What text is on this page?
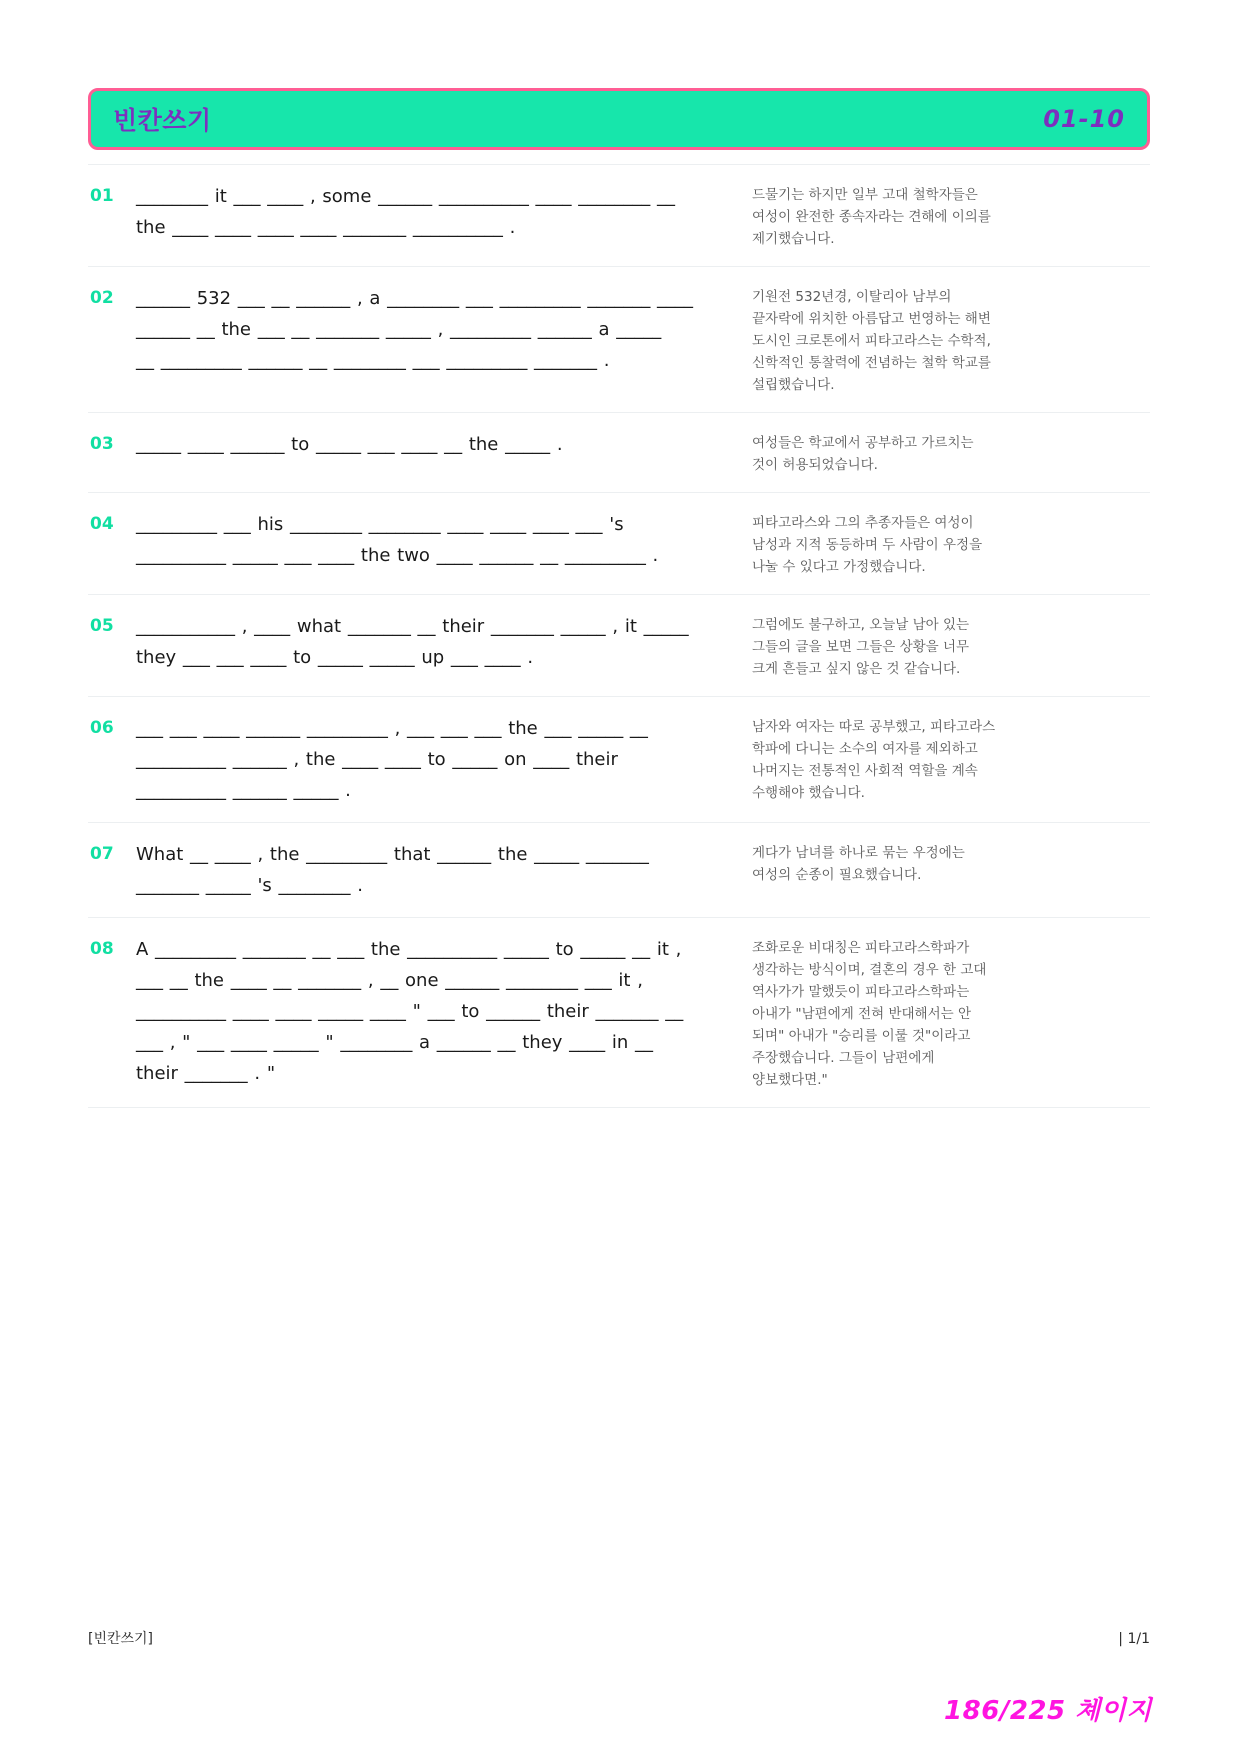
빈칸쓰기	01-10
01	________ it ___ ____ , some ______ __________ ____ ________ __
the ____ ____ ____ ____ _______ __________ .
드물기는 하지만 일부 고대 철학자들은 여성이 완전한 종속자라는 견해에 이의를 제기했습니다.
02	______ 532 ___ __ ______ , a ________ ___ _________ _______ ____
______ __ the ___ __ _______ _____ , _________ ______ a _____
__ _________ ______ __ ________ ___ _________ _______ .
기원전 532년경, 이탈리아 남부의 끝자락에 위치한 아름답고 번영하는 해변 도시인 크로톤에서 피타고라스는 수학적, 신학적인 통찰력에 전념하는 철학 학교를 설립했습니다.
03	_____ ____ ______ to _____ ___ ____ __ the _____ .	여성들은 학교에서 공부하고 가르치는 것이 허용되었습니다.
04	_________ ___ his ________ ________ ____ ____ ____ ___ 's
__________ _____ ___ ____ the two ____ ______ __ _________ .
피타고라스와 그의 추종자들은 여성이 남성과 지적 동등하며 두 사람이 우정을 나눌 수 있다고 가정했습니다.
05	___________ , ____ what _______ __ their _______ _____ , it _____
they ___ ___ ____ to _____ _____ up ___ ____ .
그럼에도 불구하고, 오늘날 남아 있는 그들의 글을 보면 그들은 상황을 너무 크게 흔들고 싶지 않은 것 같습니다.
06	___ ___ ____ ______ _________ , ___ ___ ___ the ___ _____ __
__________ ______ , the ____ ____ to _____ on ____ their
__________ ______ _____ .
남자와 여자는 따로 공부했고, 피타고라스 학파에 다니는 소수의 여자를 제외하고 나머지는 전통적인 사회적 역할을 계속 수행해야 했습니다.
07	What __ ____ , the _________ that ______ the _____ _______
_______ _____ 's ________ .
게다가 남녀를 하나로 묶는 우정에는 여성의 순종이 필요했습니다.
08	A _________ _______ __ ___ the __________ _____ to _____ __ it ,
___ __ the ____ __ _______ , __ one ______ ________ ___ it ,
__________ ____ ____ _____ ____ " ___ to ______ their _______ __
___ , " ___ ____ _____ " ________ a ______ __ they ____ in __
their _______ . "
조화로운 비대칭은 피타고라스학파가 생각하는 방식이며, 결혼의 경우 한 고대 역사가가 말했듯이 피타고라스학파는 아내가 "남편에게 전혀 반대해서는 안 되며" 아내가 "승리를 이룰 것"이라고 주장했습니다. 그들이 남편에게 양보했다면."
[빈칸쓰기]	| 1/1
186/225 쳬이지
